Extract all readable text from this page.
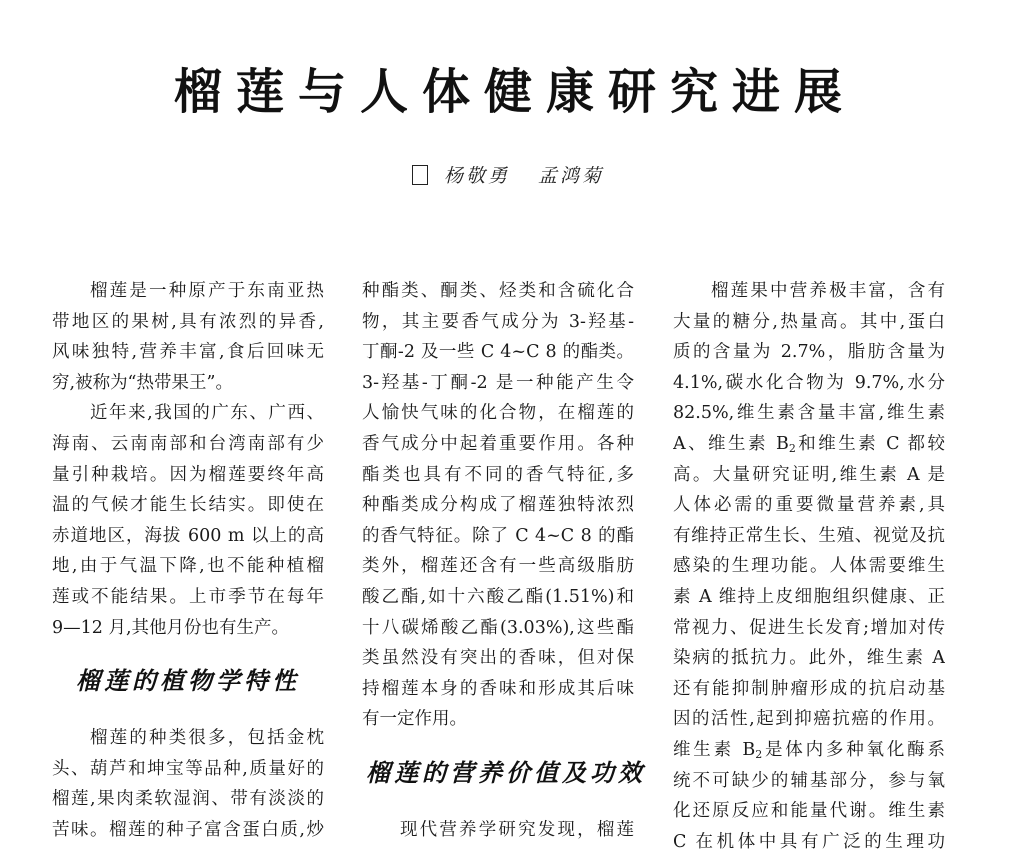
榴莲与人体健康研究进展
杨敬勇 孟鸿菊
榴莲是一种原产于东南亚热
带地区的果树,具有浓烈的异香,
风味独特,营养丰富,食后回味无
穷,被称为“热带果王”。
近年来,我国的广东、广西、
海南、云南南部和台湾南部有少
量引种栽培。因为榴莲要终年高
温的气候才能生长结实。即使在
赤道地区，海拔 600 m 以上的高
地,由于气温下降,也不能种植榴
莲或不能结果。上市季节在每年
9—12 月,其他月份也有生产。
榴莲的植物学特性
榴莲的种类很多，包括金枕
头、葫芦和坤宝等品种,质量好的
榴莲,果肉柔软湿润、带有淡淡的
苦味。榴莲的种子富含蛋白质,炒
种酯类、酮类、烃类和含硫化合
物，其主要香气成分为 3-羟基-
丁酮-2 及一些 C 4~C 8 的酯类。
3-羟基-丁酮-2 是一种能产生令
人愉快气味的化合物，在榴莲的
香气成分中起着重要作用。各种
酯类也具有不同的香气特征,多
种酯类成分构成了榴莲独特浓烈
的香气特征。除了 C 4~C 8 的酯
类外，榴莲还含有一些高级脂肪
酸乙酯,如十六酸乙酯(1.51%)和
十八碳烯酸乙酯(3.03%),这些酯
类虽然没有突出的香味，但对保
持榴莲本身的香味和形成其后味
有一定作用。
榴莲的营养价值及功效
现代营养学研究发现，榴莲
榴莲果中营养极丰富，含有
大量的糖分,热量高。其中,蛋白
质的含量为 2.7%，脂肪含量为
4.1%,碳水化合物为 9.7%,水分
82.5%,维生素含量丰富,维生素
A、维生素 $B_2$和维生素 C 都较
高。大量研究证明,维生素 A 是
人体必需的重要微量营养素,具
有维持正常生长、生殖、视觉及抗
感染的生理功能。人体需要维生
素 A 维持上皮细胞组织健康、正
常视力、促进生长发育;增加对传
染病的抵抗力。此外，维生素 A
还有能抑制肿瘤形成的抗启动基
因的活性,起到抑癌抗癌的作用。
维生素 $B_2$是体内多种氧化酶系
统不可缺少的辅基部分，参与氧
化还原反应和能量代谢。维生素
C 在机体中具有广泛的生理功
